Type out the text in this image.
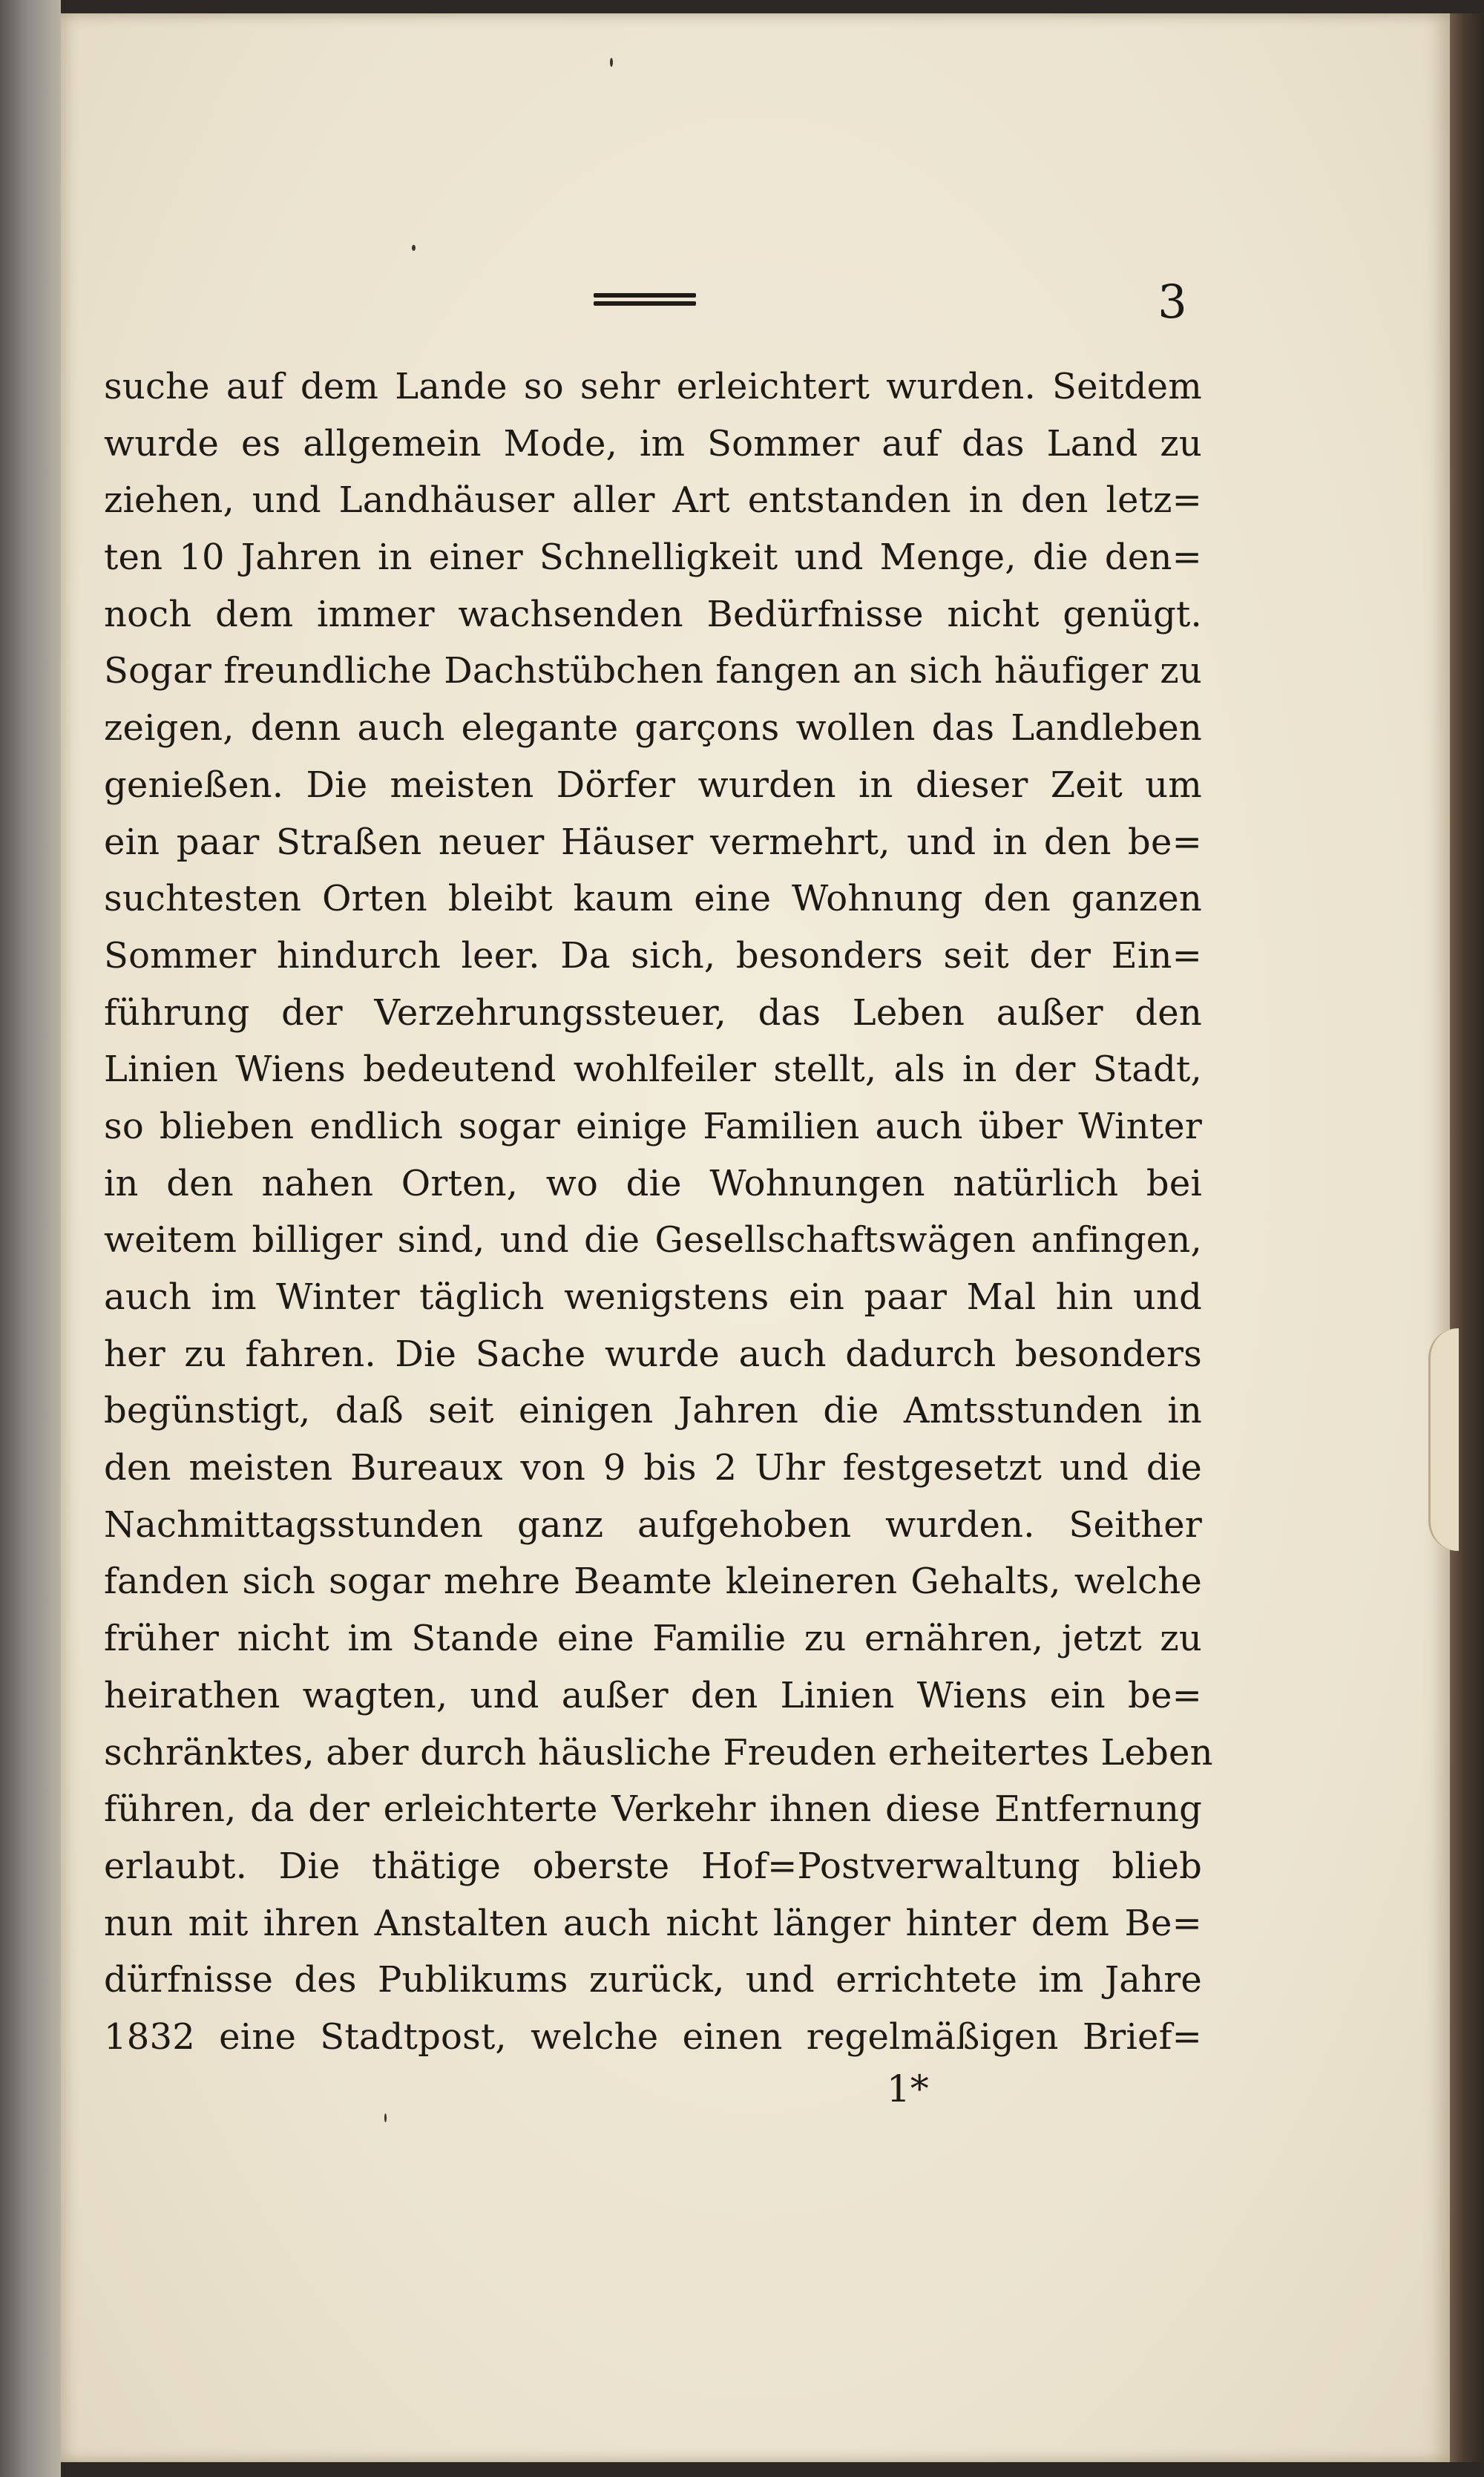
3
suche auf dem Lande so sehr erleichtert wurden. Seitdem
wurde es allgemein Mode, im Sommer auf das Land zu
ziehen, und Landhäuser aller Art entstanden in den letz=
ten 10 Jahren in einer Schnelligkeit und Menge, die den=
noch dem immer wachsenden Bedürfnisse nicht genügt.
Sogar freundliche Dachstübchen fangen an sich häufiger zu
zeigen, denn auch elegante garçons wollen das Landleben
genießen. Die meisten Dörfer wurden in dieser Zeit um
ein paar Straßen neuer Häuser vermehrt, und in den be=
suchtesten Orten bleibt kaum eine Wohnung den ganzen
Sommer hindurch leer. Da sich, besonders seit der Ein=
führung der Verzehrungssteuer, das Leben außer den
Linien Wiens bedeutend wohlfeiler stellt, als in der Stadt,
so blieben endlich sogar einige Familien auch über Winter
in den nahen Orten, wo die Wohnungen natürlich bei
weitem billiger sind, und die Gesellschaftswägen anfingen,
auch im Winter täglich wenigstens ein paar Mal hin und
her zu fahren. Die Sache wurde auch dadurch besonders
begünstigt, daß seit einigen Jahren die Amtsstunden in
den meisten Bureaux von 9 bis 2 Uhr festgesetzt und die
Nachmittagsstunden ganz aufgehoben wurden. Seither
fanden sich sogar mehre Beamte kleineren Gehalts, welche
früher nicht im Stande eine Familie zu ernähren, jetzt zu
heirathen wagten, und außer den Linien Wiens ein be=
schränktes, aber durch häusliche Freuden erheitertes Leben
führen, da der erleichterte Verkehr ihnen diese Entfernung
erlaubt. Die thätige oberste Hof=Postverwaltung blieb
nun mit ihren Anstalten auch nicht länger hinter dem Be=
dürfnisse des Publikums zurück, und errichtete im Jahre
1832 eine Stadtpost, welche einen regelmäßigen Brief=
1*
